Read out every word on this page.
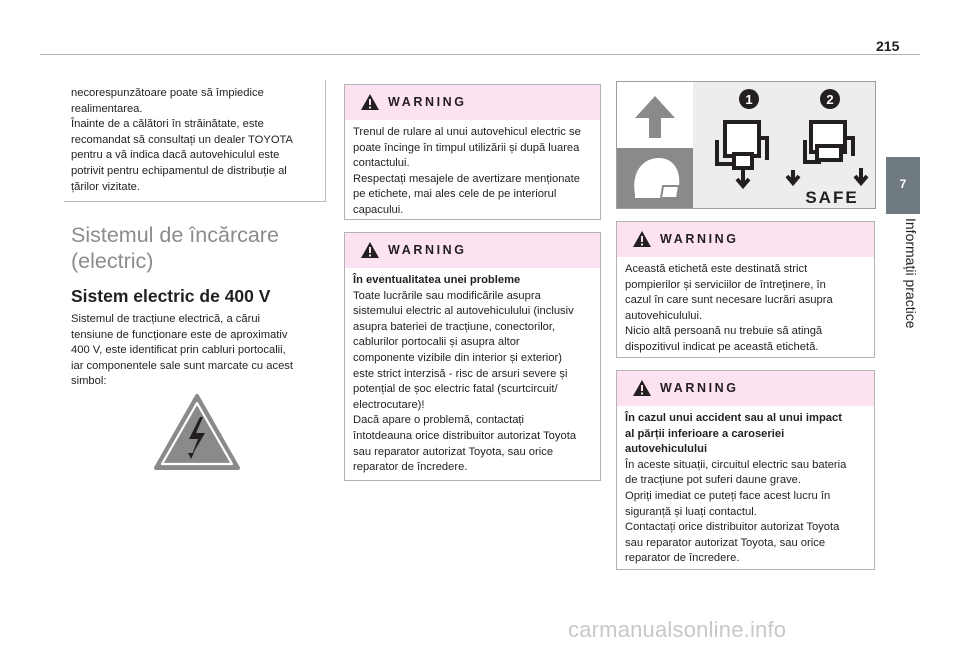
215
necorespunzătoare poate să împiedice
realimentarea.
Înainte de a călători în străinătate, este
recomandat să consultați un dealer TOYOTA
pentru a vă indica dacă autovehiculul este
potrivit pentru echipamentul de distribuție al
țărilor vizitate.
Sistemul de încărcare
(electric)
Sistem electric de 400 V
Sistemul de tracțiune electrică, a cărui
tensiune de funcționare este de aproximativ
400 V, este identificat prin cabluri portocalii,
iar componentele sale sunt marcate cu acest
simbol:
WARNING
Trenul de rulare al unui autovehicul electric se
poate încinge în timpul utilizării și după luarea
contactului.
Respectați mesajele de avertizare menționate
pe etichete, mai ales cele de pe interiorul
capacului.
WARNING
În eventualitatea unei probleme
Toate lucrările sau modificările asupra
sistemului electric al autovehiculului (inclusiv
asupra bateriei de tracțiune, conectorilor,
cablurilor portocalii și asupra altor
componente vizibile din interior și exterior)
este strict interzisă - risc de arsuri severe și
potențial de șoc electric fatal (scurtcircuit/
electrocutare)!
Dacă apare o problemă, contactați
întotdeauna orice distribuitor autorizat Toyota
sau reparator autorizat Toyota, sau orice
reparator de încredere.
1	2
SAFE
WARNING
Această etichetă este destinată strict
pompierilor și serviciilor de întreținere, în
cazul în care sunt necesare lucrări asupra
autovehiculului.
Nicio altă persoană nu trebuie să atingă
dispozitivul indicat pe această etichetă.
WARNING
În cazul unui accident sau al unui impact
al părții inferioare a caroseriei
autovehiculului
În aceste situații, circuitul electric sau bateria
de tracțiune pot suferi daune grave.
Opriți imediat ce puteți face acest lucru în
siguranță și luați contactul.
Contactați orice distribuitor autorizat Toyota
sau reparator autorizat Toyota, sau orice
reparator de încredere.
7
Informații practice
carmanualsonline.info
